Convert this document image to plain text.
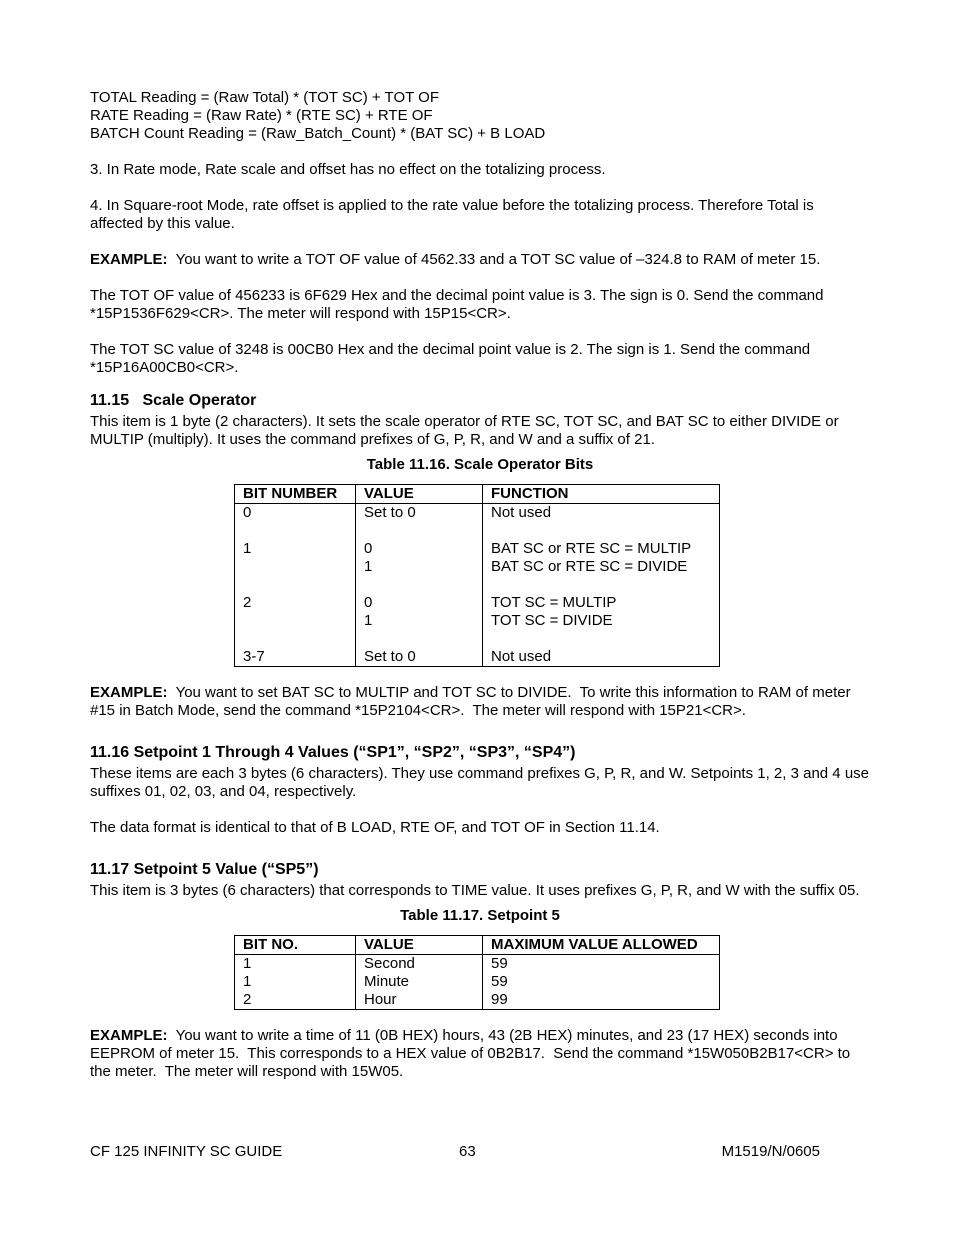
TOTAL Reading = (Raw Total) * (TOT SC) + TOT OF

RATE Reading = (Raw Rate) * (RTE SC) + RTE OF

BATCH Count Reading = (Raw_Batch_Count) * (BAT SC) + B LOAD

3. In Rate mode, Rate scale and offset has no effect on the totalizing process.

4. In Square-root Mode, rate offset is applied to the rate value before the totalizing process. Therefore Total is affected by this value.

EXAMPLE:  You want to write a TOT OF value of 4562.33 and a TOT SC value of –324.8 to RAM of meter 15.

The TOT OF value of 456233 is 6F629 Hex and the decimal point value is 3. The sign is 0. Send the command *15P1536F629<CR>. The meter will respond with 15P15<CR>.

The TOT SC value of 3248 is 00CB0 Hex and the decimal point value is 2. The sign is 1. Send the command *15P16A00CB0<CR>.

11.15   Scale Operator

This item is 1 byte (2 characters). It sets the scale operator of RTE SC, TOT SC, and BAT SC to either DIVIDE or MULTIP (multiply). It uses the command prefixes of G, P, R, and W and a suffix of 21.

Table 11.16. Scale Operator Bits
BIT NUMBER	VALUE	FUNCTION
0	Set to 0	Not used

1	0	BAT SC or RTE SC = MULTIP
	1	BAT SC or RTE SC = DIVIDE

2	0	TOT SC = MULTIP
	1	TOT SC = DIVIDE

3-7	Set to 0	Not used

EXAMPLE:  You want to set BAT SC to MULTIP and TOT SC to DIVIDE.  To write this information to RAM of meter #15 in Batch Mode, send the command *15P2104<CR>.  The meter will respond with 15P21<CR>.

11.16 Setpoint 1 Through 4 Values (“SP1”, “SP2”, “SP3”, “SP4”)

These items are each 3 bytes (6 characters). They use command prefixes G, P, R, and W. Setpoints 1, 2, 3 and 4 use suffixes 01, 02, 03, and 04, respectively.

The data format is identical to that of B LOAD, RTE OF, and TOT OF in Section 11.14.

11.17 Setpoint 5 Value (“SP5”)

This item is 3 bytes (6 characters) that corresponds to TIME value. It uses prefixes G, P, R, and W with the suffix 05.

Table 11.17. Setpoint 5
BIT NO.	VALUE	MAXIMUM VALUE ALLOWED
1	Second	59
1	Minute	59
2	Hour	99

EXAMPLE:  You want to write a time of 11 (0B HEX) hours, 43 (2B HEX) minutes, and 23 (17 HEX) seconds into EEPROM of meter 15.  This corresponds to a HEX value of 0B2B17.  Send the command *15W050B2B17<CR> to the meter.  The meter will respond with 15W05.

CF 125 INFINITY SC GUIDE	63	M1519/N/0605
